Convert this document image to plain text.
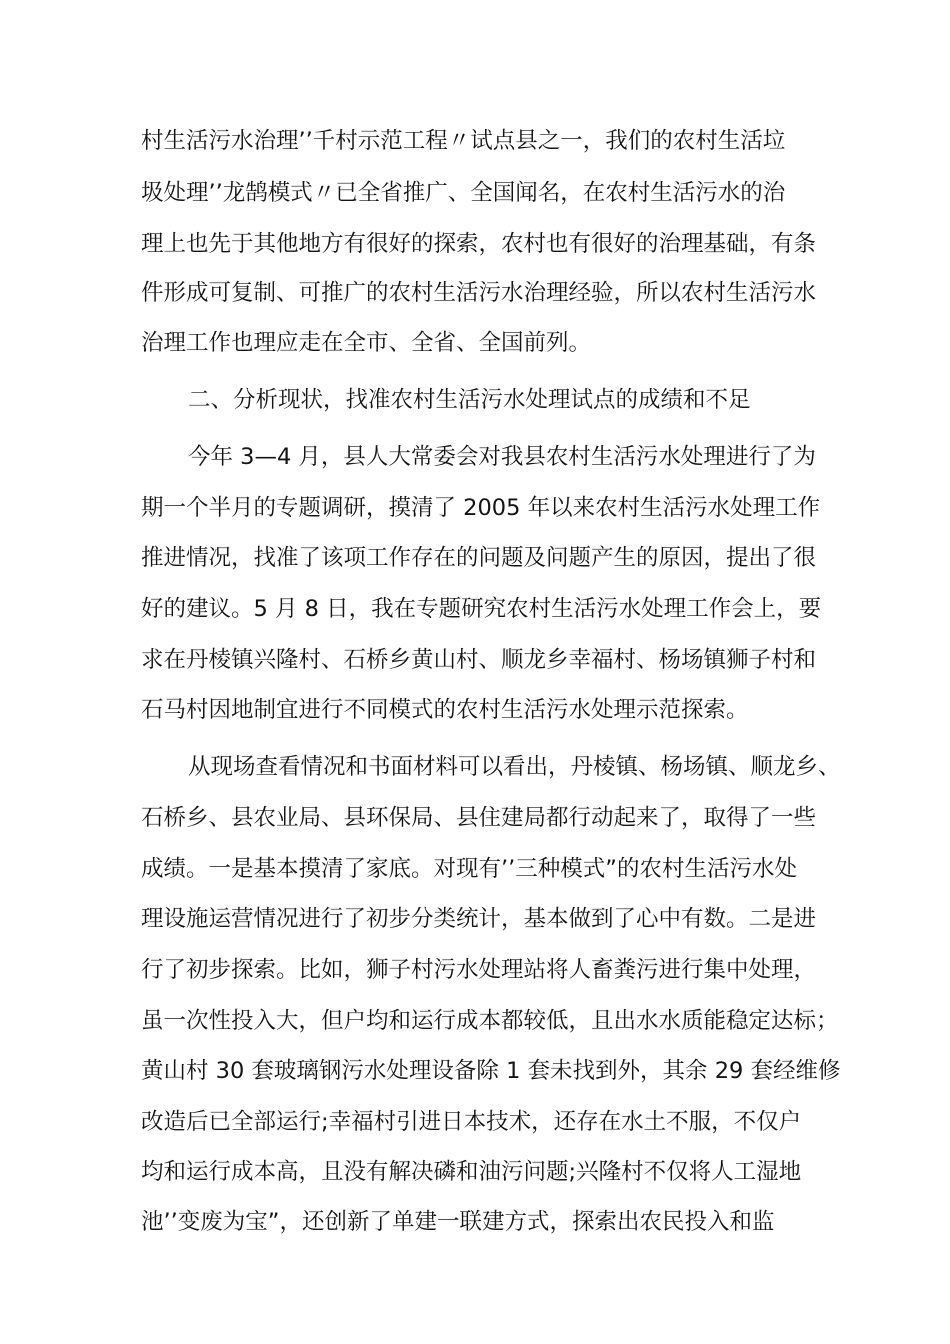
村生活污水治理’’千村示范工程〃试点县之一，我们的农村生活垃
圾处理’’龙鹄模式〃已全省推广、全国闻名，在农村生活污水的治
理上也先于其他地方有很好的探索，农村也有很好的治理基础，有条
件形成可复制、可推广的农村生活污水治理经验，所以农村生活污水
治理工作也理应走在全市、全省、全国前列。
二、分析现状，找准农村生活污水处理试点的成绩和不足
今年 3—4 月，县人大常委会对我县农村生活污水处理进行了为
期一个半月的专题调研，摸清了 2005 年以来农村生活污水处理工作
推进情况，找准了该项工作存在的问题及问题产生的原因，提出了很
好的建议。5 月 8 日，我在专题研究农村生活污水处理工作会上，要
求在丹棱镇兴隆村、石桥乡黄山村、顺龙乡幸福村、杨场镇狮子村和
石马村因地制宜进行不同模式的农村生活污水处理示范探索。
从现场查看情况和书面材料可以看出，丹棱镇、杨场镇、顺龙乡、
石桥乡、县农业局、县环保局、县住建局都行动起来了，取得了一些
成绩。一是基本摸清了家底。对现有’’三种模式”的农村生活污水处
理设施运营情况进行了初步分类统计，基本做到了心中有数。二是进
行了初步探索。比如，狮子村污水处理站将人畜粪污进行集中处理，
虽一次性投入大，但户均和运行成本都较低，且出水水质能稳定达标；
黄山村 30 套玻璃钢污水处理设备除 1 套未找到外，其余 29 套经维修
改造后已全部运行;幸福村引进日本技术，还存在水土不服，不仅户
均和运行成本高，且没有解决磷和油污问题;兴隆村不仅将人工湿地
池’’变废为宝”，还创新了单建一联建方式，探索出农民投入和监
